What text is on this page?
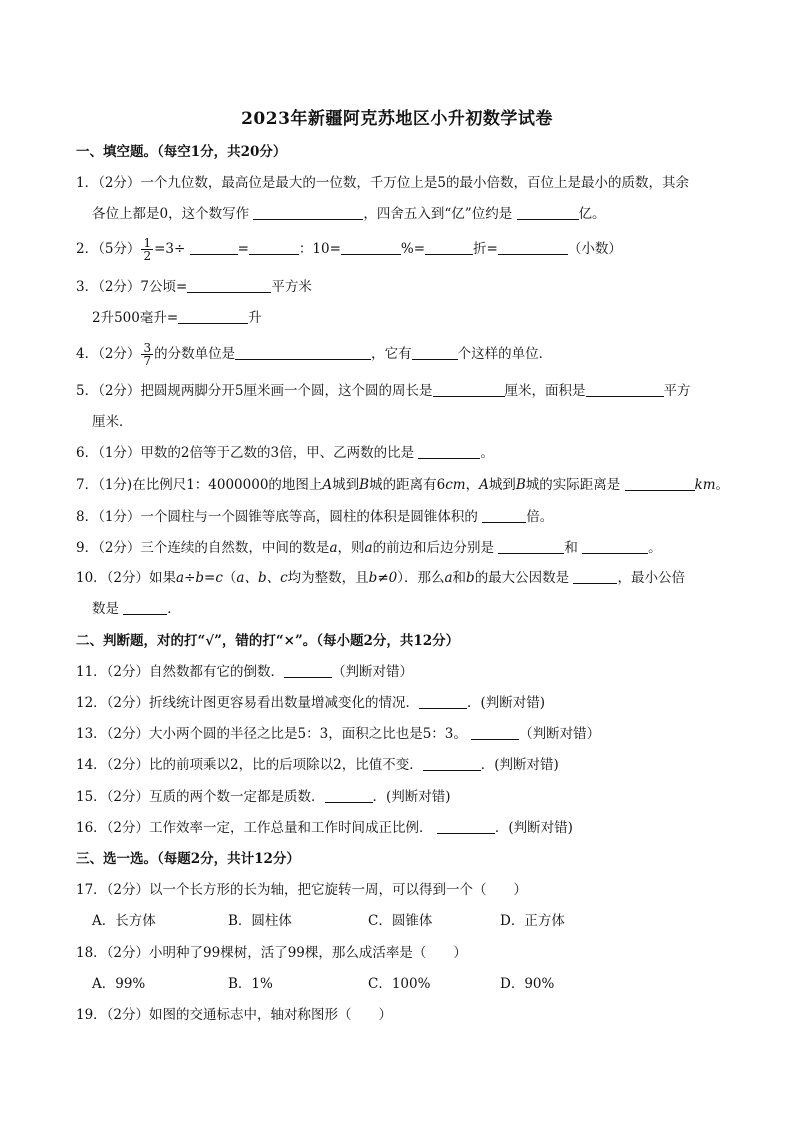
2023年新疆阿克苏地区小升初数学试卷
一、填空题。（每空1分，共20分）
1．（2分）一个九位数，最高位是最大的一位数，千万位上是5的最小倍数，百位上是最小的质数，其余
各位上都是0，这个数写作	，四舍五入到“亿”位约是	亿。
2．（5分） $\frac{1}{2} =3\div$	=	：10=	%=	折=	（小数）
3．（2分）7公顷=	平方米
2升500毫升=	升
4．（2分） $\frac{3}{7}$ 的分数单位是	，它有	个这样的单位．
5．（2分）把圆规两脚分开5厘米画一个圆，这个圆的周长是	厘米，面积是	平方
厘米．
6．（1分）甲数的2倍等于乙数的3倍，甲、乙两数的比是	。
7．（1分)在比例尺1：4000000的地图上A城到B城的距离有6cm，A城到B城的实际距离是	km。
8．（1分）一个圆柱与一个圆锥等底等高，圆柱的体积是圆锥体积的	倍。
9．（2分）三个连续的自然数，中间的数是a，则a的前边和后边分别是	和	。
10．（2分）如果a÷b=c（a、b、c均为整数，且b≠0）．那么a和b的最大公因数是	，最小公倍
数是	．
二、判断题，对的打“√”，错的打“×”。（每小题2分，共12分）
11．（2分）自然数都有它的倒数．	（判断对错）
12．（2分）折线统计图更容易看出数量增减变化的情况．	．(判断对错)
13．（2分）大小两个圆的半径之比是5：3，面积之比也是5：3。	（判断对错）
14．（2分）比的前项乘以2，比的后项除以2，比值不变．	．(判断对错)
15．（2分）互质的两个数一定都是质数．	．(判断对错)
16．（2分）工作效率一定，工作总量和工作时间成正比例．	．(判断对错)
三、选一选。（每题2分，共计12分）
17．（2分）以一个长方形的长为轴，把它旋转一周，可以得到一个（　　）
A．长方体	B．圆柱体	C．圆锥体	D．正方体
18．（2分）小明种了99棵树，活了99棵，那么成活率是（　　）
A．99%	B．1%	C．100%	D．90%
19．（2分）如图的交通标志中，轴对称图形（　　）
